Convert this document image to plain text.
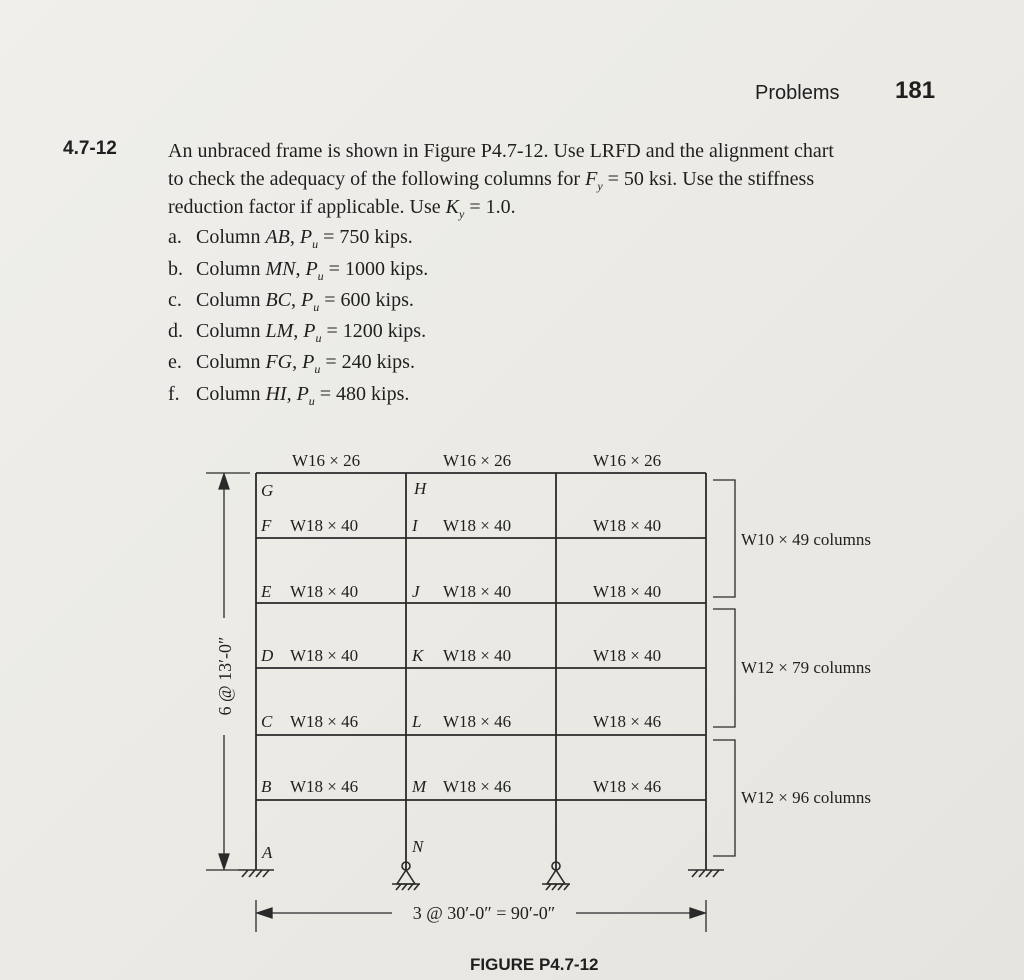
Problems 181
4.7-12	An unbraced frame is shown in Figure P4.7-12. Use LRFD and the alignment chart
to check the adequacy of the following columns for $F_y = 50$ ksi. Use the stiffness
reduction factor if applicable. Use $K_y = 1.0$.
a. Column AB, $P_u = 750$ kips.
b. Column MN, $P_u = 1000$ kips.
c. Column BC, $P_u = 600$ kips.
d. Column LM, $P_u = 1200$ kips.
e. Column FG, $P_u = 240$ kips.
f. Column HI, $P_u = 480$ kips.
6 @ 13′-0″
3 @ 30′-0″ = 90′-0″
W16 × 26	W16 × 26	W16 × 26
W18 × 40	W18 × 40	W18 × 40
W18 × 40	W18 × 40	W18 × 40
W18 × 40	W18 × 40	W18 × 40
W18 × 46	W18 × 46	W18 × 46
W18 × 46	W18 × 46	W18 × 46
G
F
E
D
C
B
A
H
I
J
K
L
M
N
W10 × 49 columns
W12 × 79 columns
W12 × 96 columns
FIGURE P4.7-12
